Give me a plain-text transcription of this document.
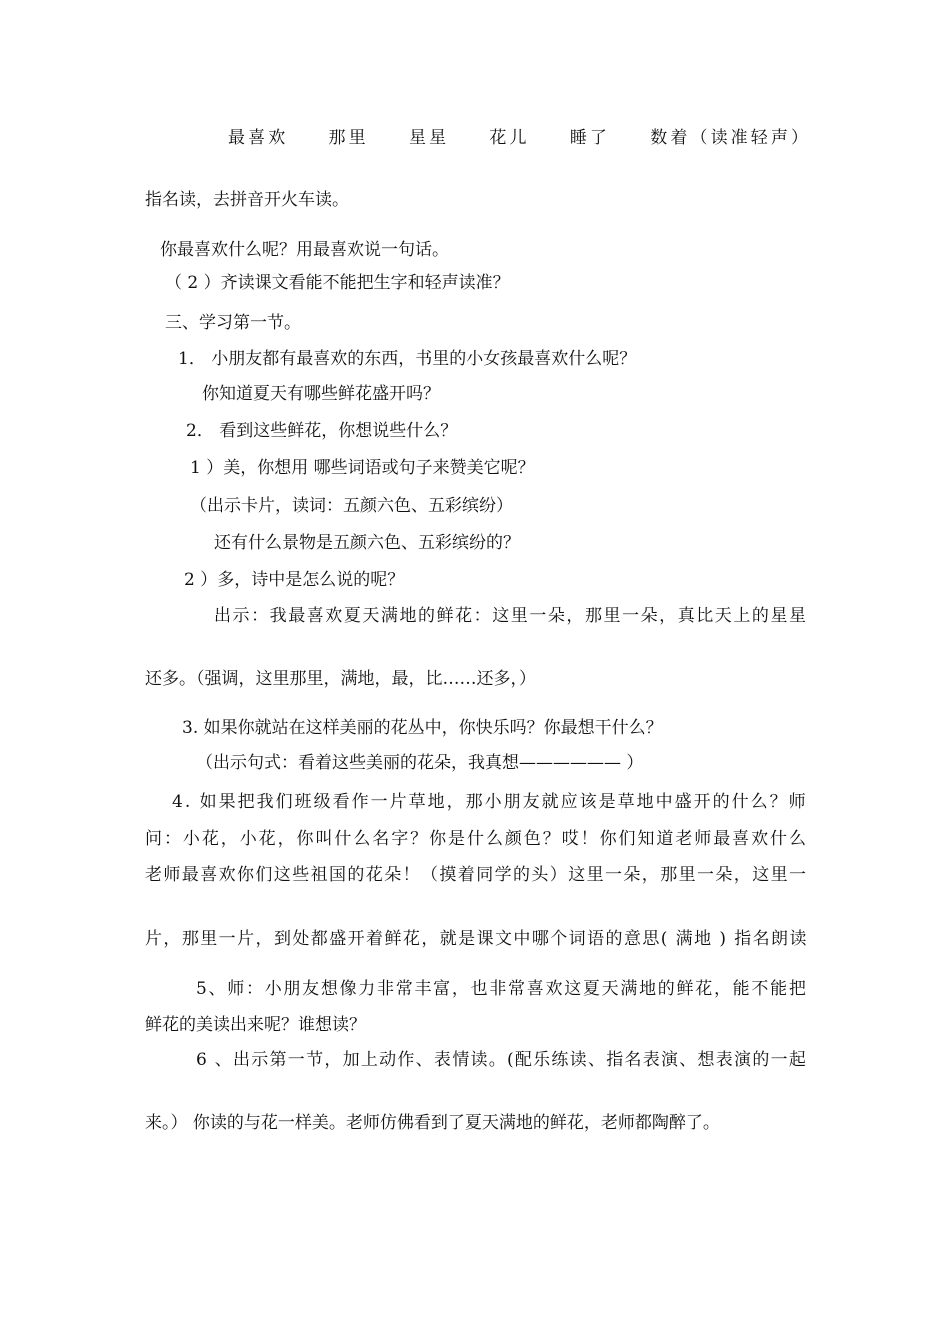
最喜欢　　那里　　星星　　花儿　　睡了　　数着（读准轻声）
指名读，去拼音开火车读。
你最喜欢什么呢？用最喜欢说一句话。
（ 2 ）齐读课文看能不能把生字和轻声读准？
三、学习第一节。
1． 小朋友都有最喜欢的东西，书里的小女孩最喜欢什么呢？
你知道夏天有哪些鲜花盛开吗？
2． 看到这些鲜花，你想说些什么？
1 ）美，你想用 哪些词语或句子来赞美它呢？
（出示卡片，读词：五颜六色、五彩缤纷）
还有什么景物是五颜六色、五彩缤纷的？
2 ）多，诗中是怎么说的呢？
出示：我最喜欢夏天满地的鲜花：这里一朵，那里一朵，真比天上的星星
还多。（强调，这里那里，满地，最，比……还多，）
3. 如果你就站在这样美丽的花丛中，你快乐吗？你最想干什么？
（出示句式：看着这些美丽的花朵，我真想—————— ）
4. 如果把我们班级看作一片草地，那小朋友就应该是草地中盛开的什么？师
问：小花，小花，你叫什么名字？你是什么颜色？哎！你们知道老师最喜欢什么
老师最喜欢你们这些祖国的花朵！（摸着同学的头）这里一朵，那里一朵，这里一
片，那里一片，到处都盛开着鲜花，就是课文中哪个词语的意思( 满地 ) 指名朗读
5、师：小朋友想像力非常丰富，也非常喜欢这夏天满地的鲜花，能不能把
鲜花的美读出来呢？谁想读？
6 、出示第一节，加上动作、表情读。(配乐练读、指名表演、想表演的一起
来。） 你读的与花一样美。老师仿佛看到了夏天满地的鲜花，老师都陶醉了。
